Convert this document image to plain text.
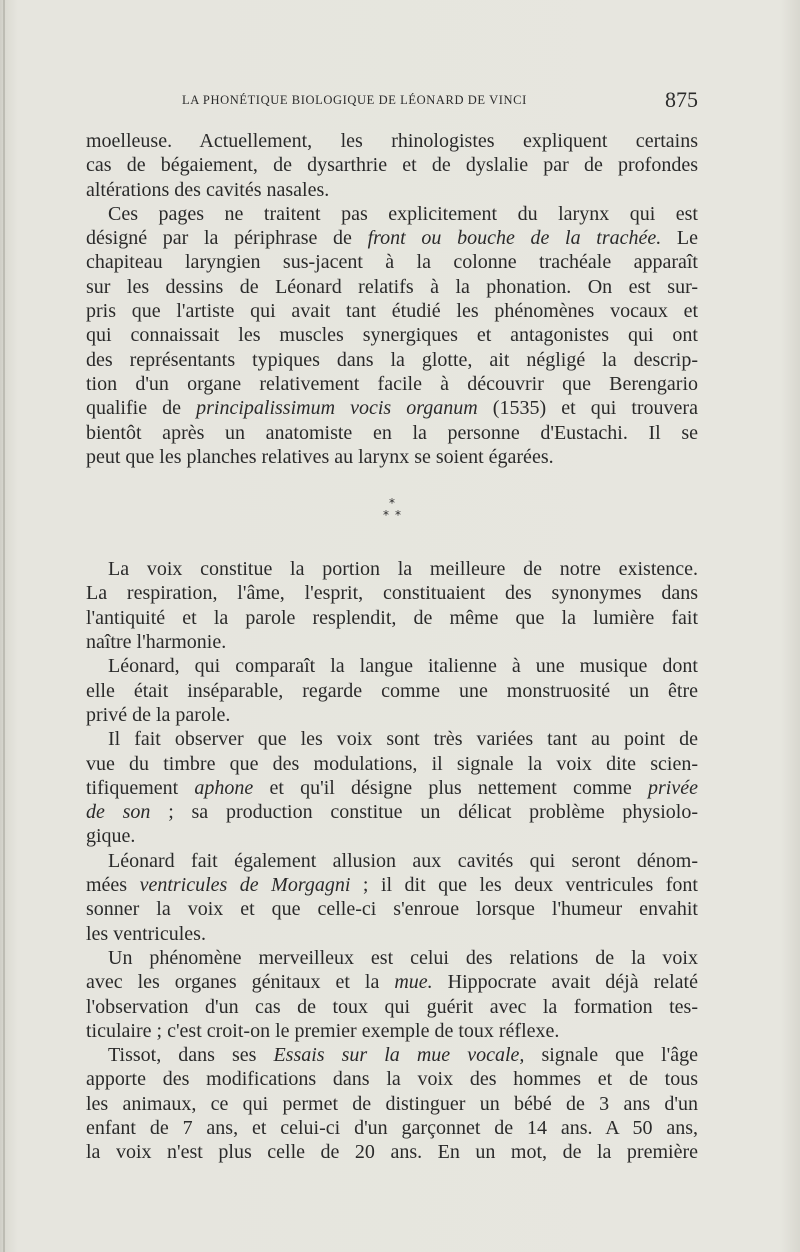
LA PHONÉTIQUE BIOLOGIQUE DE LÉONARD DE VINCI	875

moelleuse. Actuellement, les rhinologistes expliquent certains
cas de bégaiement, de dysarthrie et de dyslalie par de profondes
altérations des cavités nasales.

Ces pages ne traitent pas explicitement du larynx qui est
désigné par la périphrase de front ou bouche de la trachée. Le
chapiteau laryngien sus-jacent à la colonne trachéale apparaît
sur les dessins de Léonard relatifs à la phonation. On est sur-
pris que l'artiste qui avait tant étudié les phénomènes vocaux et
qui connaissait les muscles synergiques et antagonistes qui ont
des représentants typiques dans la glotte, ait négligé la descrip-
tion d'un organe relativement facile à découvrir que Berengario
qualifie de principalissimum vocis organum (1535) et qui trouvera
bientôt après un anatomiste en la personne d'Eustachi. Il se
peut que les planches relatives au larynx se soient égarées.

*
**

La voix constitue la portion la meilleure de notre existence.
La respiration, l'âme, l'esprit, constituaient des synonymes dans
l'antiquité et la parole resplendit, de même que la lumière fait
naître l'harmonie.

Léonard, qui comparaît la langue italienne à une musique dont
elle était inséparable, regarde comme une monstruosité un être
privé de la parole.

Il fait observer que les voix sont très variées tant au point de
vue du timbre que des modulations, il signale la voix dite scien-
tifiquement aphone et qu'il désigne plus nettement comme privée
de son ; sa production constitue un délicat problème physiolo-
gique.

Léonard fait également allusion aux cavités qui seront dénom-
mées ventricules de Morgagni ; il dit que les deux ventricules font
sonner la voix et que celle-ci s'enroue lorsque l'humeur envahit
les ventricules.

Un phénomène merveilleux est celui des relations de la voix
avec les organes génitaux et la mue. Hippocrate avait déjà relaté
l'observation d'un cas de toux qui guérit avec la formation tes-
ticulaire ; c'est croit-on le premier exemple de toux réflexe.

Tissot, dans ses Essais sur la mue vocale, signale que l'âge
apporte des modifications dans la voix des hommes et de tous
les animaux, ce qui permet de distinguer un bébé de 3 ans d'un
enfant de 7 ans, et celui-ci d'un garçonnet de 14 ans. A 50 ans,
la voix n'est plus celle de 20 ans. En un mot, de la première
